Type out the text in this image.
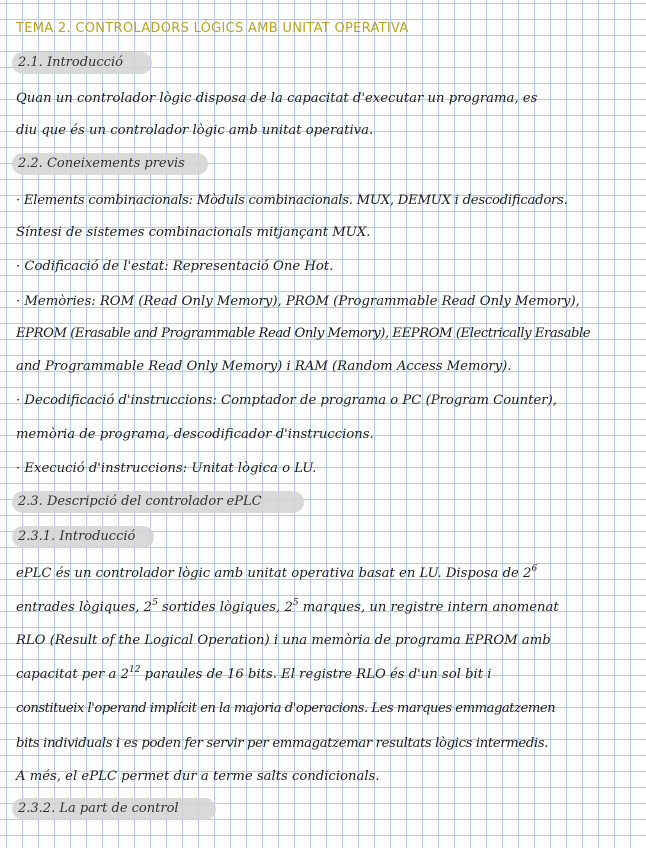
TEMA 2. CONTROLADORS LÒGICS AMB UNITAT OPERATIVA
2.1. Introducció
Quan un controlador lògic disposa de la capacitat d'executar un programa, es
diu que és un controlador lògic amb unitat operativa.
2.2. Coneixements previs
· Elements combinacionals: Mòduls combinacionals. MUX, DEMUX i descodificadors.
Síntesi de sistemes combinacionals mitjançant MUX.
· Codificació de l'estat: Representació One Hot.
· Memòries: ROM (Read Only Memory), PROM (Programmable Read Only Memory),
EPROM (Erasable and Programmable Read Only Memory), EEPROM (Electrically Erasable
and Programmable Read Only Memory) i RAM (Random Access Memory).
· Decodificació d'instruccions: Comptador de programa o PC (Program Counter),
memòria de programa, descodificador d'instruccions.
· Execució d'instruccions: Unitat lògica o LU.
2.3. Descripció del controlador ePLC
2.3.1. Introducció
ePLC és un controlador lògic amb unitat operativa basat en LU. Disposa de $2^6$
entrades lògiques, $2^5$ sortides lògiques, $2^5$ marques, un registre intern anomenat
RLO (Result of the Logical Operation) i una memòria de programa EPROM amb
capacitat per a $2^{12}$ paraules de 16 bits. El registre RLO és d'un sol bit i
constitueix l'operand implícit en la majoria d'operacions. Les marques emmagatzemen
bits individuals i es poden fer servir per emmagatzemar resultats lògics intermedis.
A més, el ePLC permet dur a terme salts condicionals.
2.3.2. La part de control
